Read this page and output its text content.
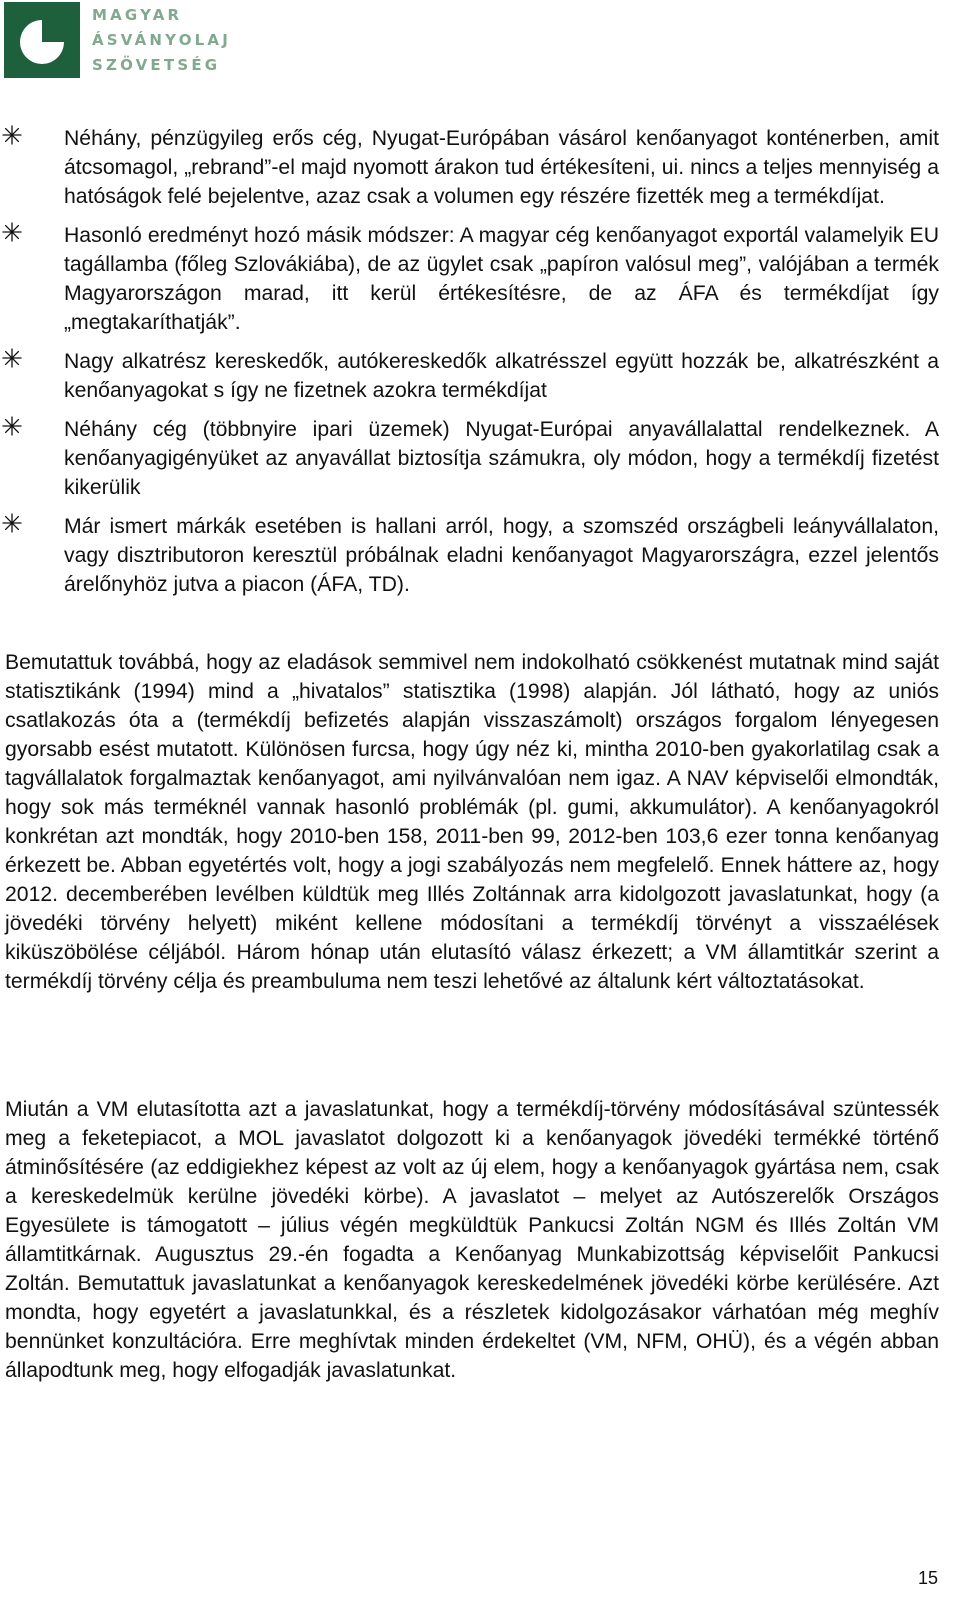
MAGYAR
ÁSVÁNYOLAJ
SZÖVETSÉG
Néhány, pénzügyileg erős cég, Nyugat-Európában vásárol kenőanyagot konténerben, amit átcsomagol, „rebrand”-el majd nyomott árakon tud értékesíteni, ui. nincs a teljes mennyiség a hatóságok felé bejelentve, azaz csak a volumen egy részére fizették meg a termékdíjat.
Hasonló eredményt hozó másik módszer: A magyar cég kenőanyagot exportál valamelyik EU tagállamba (főleg Szlovákiába), de az ügylet csak „papíron valósul meg”, valójában a termék Magyarországon marad, itt kerül értékesítésre, de az ÁFA és termékdíjat így „megtakaríthatják”.
Nagy alkatrész kereskedők, autókereskedők alkatrésszel együtt hozzák be, alkatrészként a kenőanyagokat s így ne fizetnek azokra termékdíjat
Néhány cég (többnyire ipari üzemek) Nyugat-Európai anyavállalattal rendelkeznek. A kenőanyagigényüket az anyavállat biztosítja számukra, oly módon, hogy a termékdíj fizetést kikerülik
Már ismert márkák esetében is hallani arról, hogy, a szomszéd országbeli leányvállalaton, vagy disztributoron keresztül próbálnak eladni kenőanyagot Magyarországra, ezzel jelentős árelőnyhöz jutva a piacon (ÁFA, TD).
Bemutattuk továbbá, hogy az eladások semmivel nem indokolható csökkenést mutatnak mind saját statisztikánk (1994) mind a „hivatalos” statisztika (1998) alapján. Jól látható, hogy az uniós csatlakozás óta a (termékdíj befizetés alapján visszaszámolt) országos forgalom lényegesen gyorsabb esést mutatott. Különösen furcsa, hogy úgy néz ki, mintha 2010-ben gyakorlatilag csak a tagvállalatok forgalmaztak kenőanyagot, ami nyilvánvalóan nem igaz. A NAV képviselői elmondták, hogy sok más terméknél vannak hasonló problémák (pl. gumi, akkumulátor). A kenőanyagokról konkrétan azt mondták, hogy 2010-ben 158, 2011-ben 99, 2012-ben 103,6 ezer tonna kenőanyag érkezett be. Abban egyetértés volt, hogy a jogi szabályozás nem megfelelő. Ennek háttere az, hogy 2012. decemberében levélben küldtük meg Illés Zoltánnak arra kidolgozott javaslatunkat, hogy (a jövedéki törvény helyett) miként kellene módosítani a termékdíj törvényt a visszaélések kiküszöbölése céljából. Három hónap után elutasító válasz érkezett; a VM államtitkár szerint a termékdíj törvény célja és preambuluma nem teszi lehetővé az általunk kért változtatásokat.
Miután a VM elutasította azt a javaslatunkat, hogy a termékdíj-törvény módosításával szüntessék meg a feketepiacot, a MOL javaslatot dolgozott ki a kenőanyagok jövedéki termékké történő átminősítésére (az eddigiekhez képest az volt az új elem, hogy a kenőanyagok gyártása nem, csak a kereskedelmük kerülne jövedéki körbe). A javaslatot – melyet az Autószerelők Országos Egyesülete is támogatott – július végén megküldtük Pankucsi Zoltán NGM és Illés Zoltán VM államtitkárnak. Augusztus 29.-én fogadta a Kenőanyag Munkabizottság képviselőit Pankucsi Zoltán. Bemutattuk javaslatunkat a kenőanyagok kereskedelmének jövedéki körbe kerülésére. Azt mondta, hogy egyetért a javaslatunkkal, és a részletek kidolgozásakor várhatóan még meghív bennünket konzultációra. Erre meghívtak minden érdekeltet (VM, NFM, OHÜ), és a végén abban állapodtunk meg, hogy elfogadják javaslatunkat.
15
